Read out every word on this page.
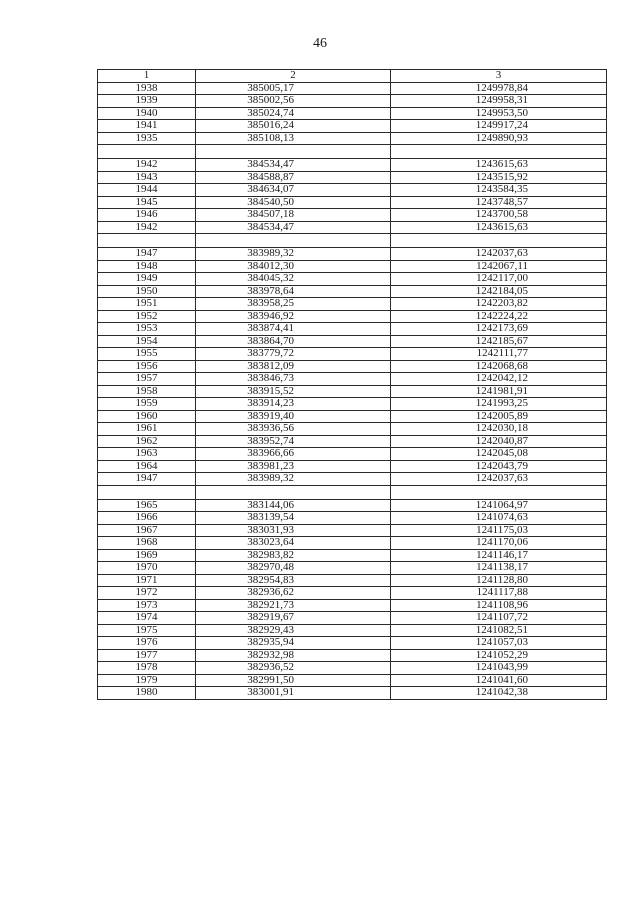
46
1	2	3
1938	385005,17	1249978,84
1939	385002,56	1249958,31
1940	385024,74	1249953,50
1941	385016,24	1249917,24
1935	385108,13	1249890,93

1942	384534,47	1243615,63
1943	384588,87	1243515,92
1944	384634,07	1243584,35
1945	384540,50	1243748,57
1946	384507,18	1243700,58
1942	384534,47	1243615,63

1947	383989,32	1242037,63
1948	384012,30	1242067,11
1949	384045,32	1242117,00
1950	383978,64	1242184,05
1951	383958,25	1242203,82
1952	383946,92	1242224,22
1953	383874,41	1242173,69
1954	383864,70	1242185,67
1955	383779,72	1242111,77
1956	383812,09	1242068,68
1957	383846,73	1242042,12
1958	383915,52	1241981,91
1959	383914,23	1241993,25
1960	383919,40	1242005,89
1961	383936,56	1242030,18
1962	383952,74	1242040,87
1963	383966,66	1242045,08
1964	383981,23	1242043,79
1947	383989,32	1242037,63

1965	383144,06	1241064,97
1966	383139,54	1241074,63
1967	383031,93	1241175,03
1968	383023,64	1241170,06
1969	382983,82	1241146,17
1970	382970,48	1241138,17
1971	382954,83	1241128,80
1972	382936,62	1241117,88
1973	382921,73	1241108,96
1974	382919,67	1241107,72
1975	382929,43	1241082,51
1976	382935,94	1241057,03
1977	382932,98	1241052,29
1978	382936,52	1241043,99
1979	382991,50	1241041,60
1980	383001,91	1241042,38
